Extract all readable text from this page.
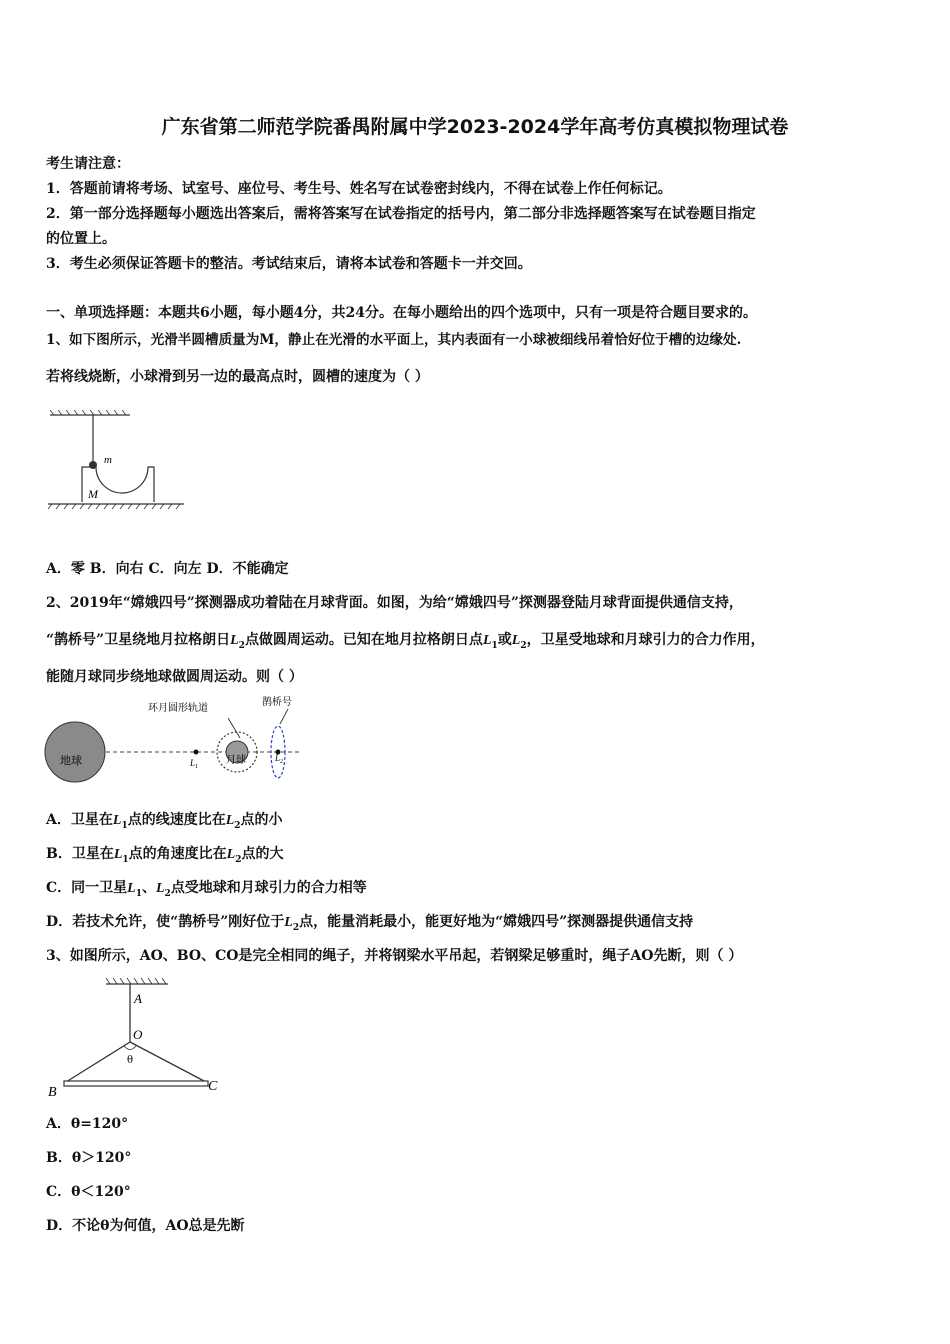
广东省第二师范学院番禺附属中学2023-2024学年高考仿真模拟物理试卷
考生请注意：
1．答题前请将考场、试室号、座位号、考生号、姓名写在试卷密封线内，不得在试卷上作任何标记。
2．第一部分选择题每小题选出答案后，需将答案写在试卷指定的括号内，第二部分非选择题答案写在试卷题目指定
的位置上。
3．考生必须保证答题卡的整洁。考试结束后，请将本试卷和答题卡一并交回。
一、单项选择题：本题共6小题，每小题4分，共24分。在每小题给出的四个选项中，只有一项是符合题目要求的。
1、如下图所示，光滑半圆槽质量为M，静止在光滑的水平面上，其内表面有一小球被细线吊着恰好位于槽的边缘处.
若将线烧断，小球滑到另一边的最高点时，圆槽的速度为（ ）
m
M
A．零 B．向右 C．向左 D．不能确定
2、2019年“嫦娥四号”探测器成功着陆在月球背面。如图，为给“嫦娥四号”探测器登陆月球背面提供通信支持，
“鹊桥号”卫星绕地月拉格朗日$L_2$点做圆周运动。已知在地月拉格朗日点$L_1$或$L_2$，卫星受地球和月球引力的合力作用，
能随月球同步绕地球做圆周运动。则（ ）
环月圆形轨道
鹊桥号
地球	$L_1$
月球	$L_2$
A．卫星在$L_1$点的线速度比在$L_2$点的小
B．卫星在$L_1$点的角速度比在$L_2$点的大
C．同一卫星$L_1$、$L_2$点受地球和月球引力的合力相等
D．若技术允许，使“鹊桥号”刚好位于$L_2$点，能量消耗最小，能更好地为“嫦娥四号”探测器提供通信支持
3、如图所示，AO、BO、CO是完全相同的绳子，并将钢梁水平吊起，若钢梁足够重时，绳子AO先断，则（ ）
A
O
θ
B	C
A．θ=120°
B．θ＞120°
C．θ＜120°
D．不论θ为何值，AO总是先断
